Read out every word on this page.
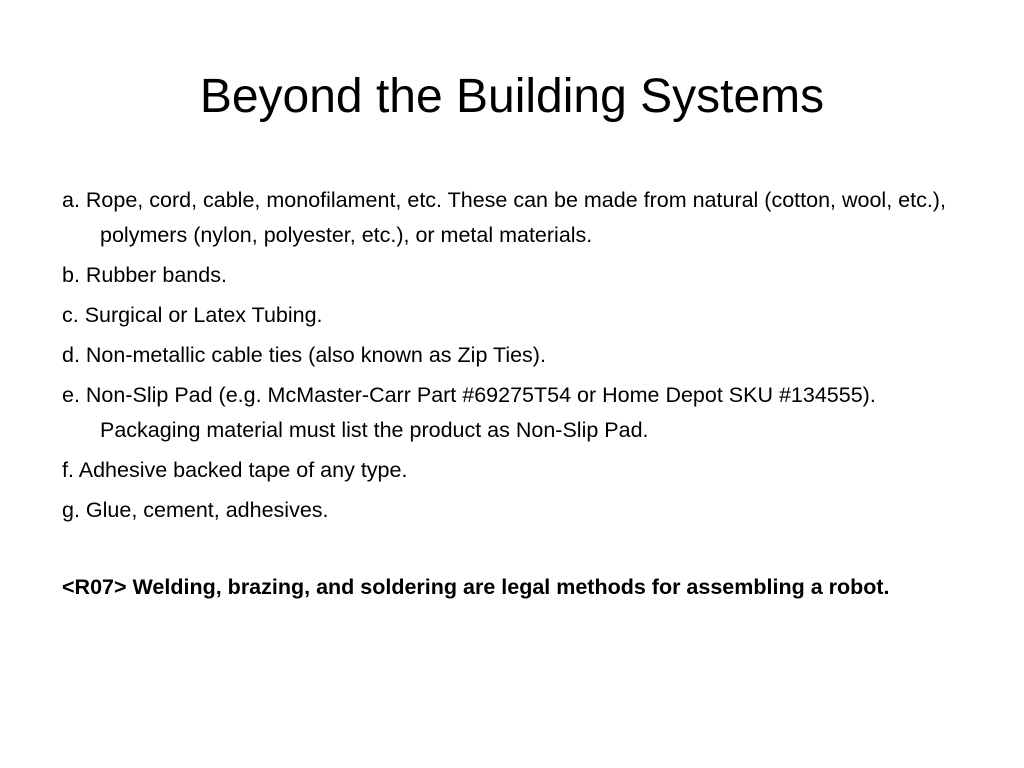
Beyond the Building Systems
a. Rope, cord, cable, monofilament, etc. These can be made from natural (cotton, wool, etc.), polymers (nylon, polyester, etc.), or metal materials.
b. Rubber bands.
c. Surgical or Latex Tubing.
d. Non-metallic cable ties (also known as Zip Ties).
e. Non-Slip Pad (e.g. McMaster-Carr Part #69275T54 or Home Depot SKU #134555). Packaging material must list the product as Non-Slip Pad.
f. Adhesive backed tape of any type.
g. Glue, cement, adhesives.
<R07> Welding, brazing, and soldering are legal methods for assembling a robot.
